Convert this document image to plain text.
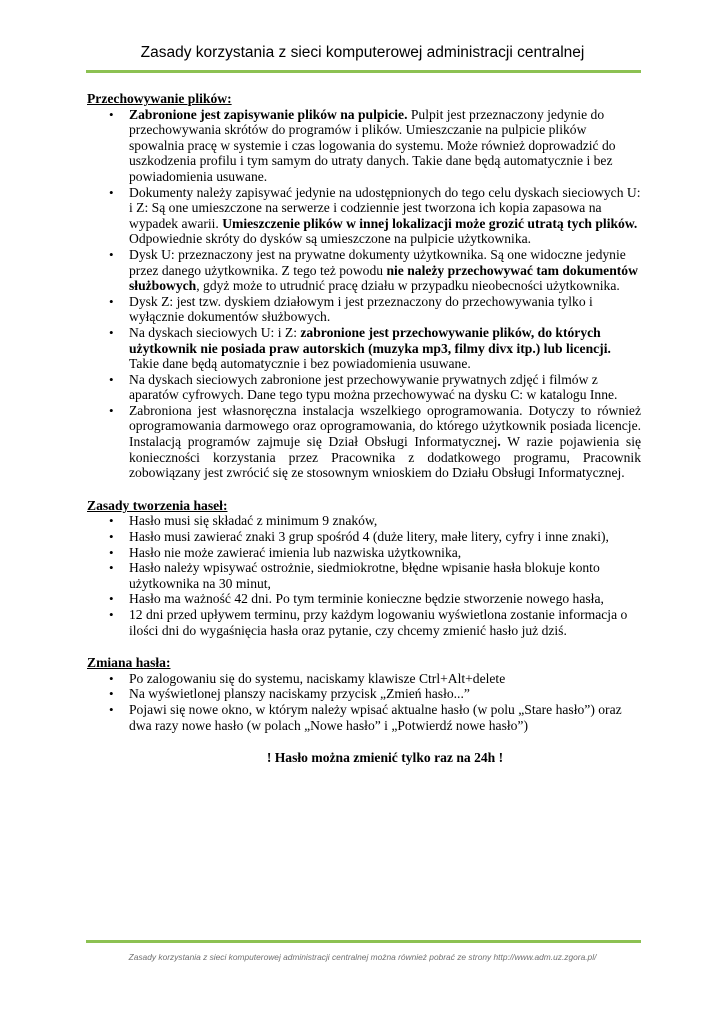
Zasady korzystania z sieci komputerowej administracji centralnej

Przechowywanie plików:

• Zabronione jest zapisywanie plików na pulpicie. Pulpit jest przeznaczony jedynie do przechowywania skrótów do programów i plików. Umieszczanie na pulpicie plików spowalnia pracę w systemie i czas logowania do systemu. Może również doprowadzić do uszkodzenia profilu i tym samym do utraty danych. Takie dane będą automatycznie i bez powiadomienia usuwane.
• Dokumenty należy zapisywać jedynie na udostępnionych do tego celu dyskach sieciowych U: i Z: Są one umieszczone na serwerze i codziennie jest tworzona ich kopia zapasowa na wypadek awarii. Umieszczenie plików w innej lokalizacji może grozić utratą tych plików. Odpowiednie skróty do dysków są umieszczone na pulpicie użytkownika.
• Dysk U: przeznaczony jest na prywatne dokumenty użytkownika. Są one widoczne jedynie przez danego użytkownika. Z tego też powodu nie należy przechowywać tam dokumentów służbowych, gdyż może to utrudnić pracę działu w przypadku nieobecności użytkownika.
• Dysk Z: jest tzw. dyskiem działowym i jest przeznaczony do przechowywania tylko i wyłącznie dokumentów służbowych.
• Na dyskach sieciowych U: i Z: zabronione jest przechowywanie plików, do których użytkownik nie posiada praw autorskich (muzyka mp3, filmy divx itp.) lub licencji. Takie dane będą automatycznie i bez powiadomienia usuwane.
• Na dyskach sieciowych zabronione jest przechowywanie prywatnych zdjęć i filmów z aparatów cyfrowych. Dane tego typu można przechowywać na dysku C: w katalogu Inne.
• Zabroniona jest własnoręczna instalacja wszelkiego oprogramowania. Dotyczy to również oprogramowania darmowego oraz oprogramowania, do którego użytkownik posiada licencje. Instalacją programów zajmuje się Dział Obsługi Informatycznej. W razie pojawienia się konieczności korzystania przez Pracownika z dodatkowego programu, Pracownik zobowiązany jest zwrócić się ze stosownym wnioskiem do Działu Obsługi Informatycznej.

Zasady tworzenia haseł:

• Hasło musi się składać z minimum 9 znaków,
• Hasło musi zawierać znaki 3 grup spośród 4 (duże litery, małe litery, cyfry i inne znaki),
• Hasło nie może zawierać imienia lub nazwiska użytkownika,
• Hasło należy wpisywać ostrożnie, siedmiokrotne, błędne wpisanie hasła blokuje konto użytkownika na 30 minut,
• Hasło ma ważność 42 dni. Po tym terminie konieczne będzie stworzenie nowego hasła,
• 12 dni przed upływem terminu, przy każdym logowaniu wyświetlona zostanie informacja o ilości dni do wygaśnięcia hasła oraz pytanie, czy chcemy zmienić hasło już dziś.

Zmiana hasła:

• Po zalogowaniu się do systemu, naciskamy klawisze Ctrl+Alt+delete
• Na wyświetlonej planszy naciskamy przycisk „Zmień hasło...”
• Pojawi się nowe okno, w którym należy wpisać aktualne hasło (w polu „Stare hasło”) oraz dwa razy nowe hasło (w polach „Nowe hasło” i „Potwierdź nowe hasło”)

! Hasło można zmienić tylko raz na 24h !

Zasady korzystania z sieci komputerowej administracji centralnej można również pobrać ze strony http://www.adm.uz.zgora.pl/
